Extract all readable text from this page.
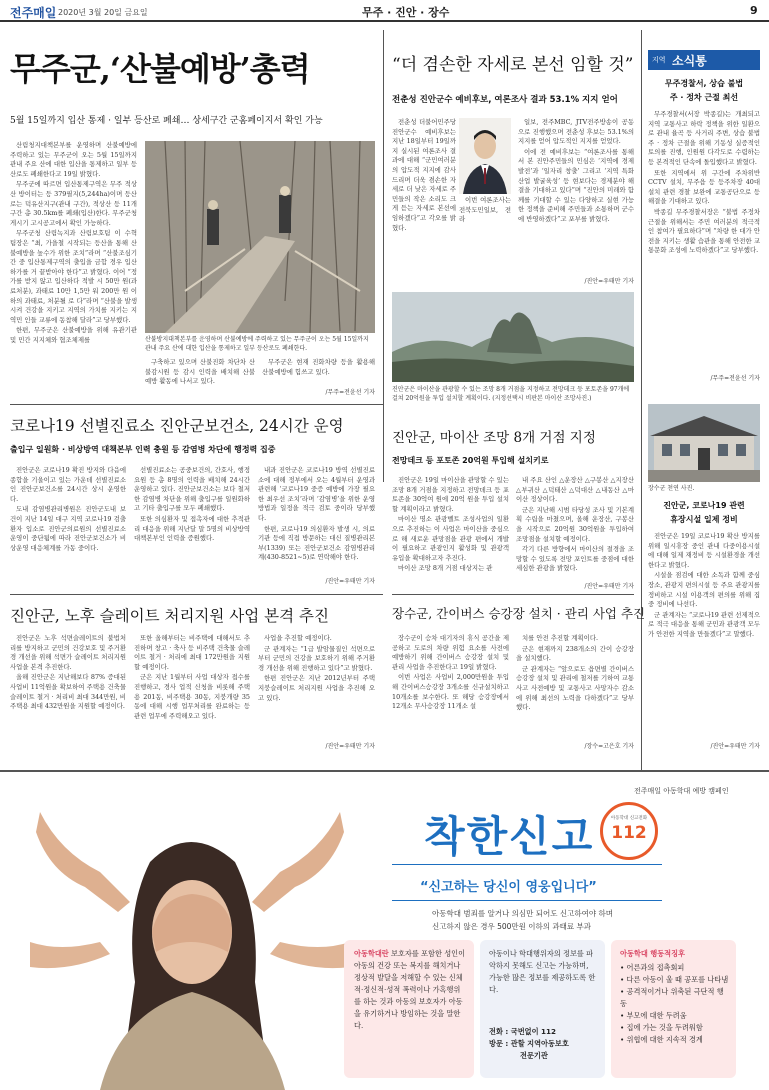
전주매일 2020년 3월 20일 금요일	무주 · 진안 · 장수	9
무주군,‘산불예방’총력
5월 15일까지 입산 통제 · 일부 등산로 폐쇄… 상세구간 군홈페이지서 확인 가능

산림청지대책본부를 운영하며 산불예방에 주력하고 있는 무주군이 오는 5월 15일까지 관내 주요 산에 대한 입산을 통제하고 일부 등산로도 폐쇄한다고 19일 밝혔다.

무주군에 따르면 입산통제구역은 무주 적상산 방이터는 등 379필지(5,244ha)이며 등산로는 덕유산지구(관내 구간), 적상산 등 11개 구간 총 30.5km를 폐쇄(입산)한다. 무주군청 게시기 고시공고에서 확인 가능하다.

무주군청 산림녹지과 산림보호팀 이 수혁 팀장은 “최, 가을철 시작되는 등산을 통해 산불예방을 높수가 위한 조치”라며 “산불조심기간 중 입산통제구역의 출입을 금합 경우 입산하가를 거 끝받아야 한다”고 밝혔다. 이어 “정 가를 받지 않고 입산하다 적발 시 50만 원(과료처분), 과태료 10만 1,5만 워 200만 원 이하의 과태료, 처분될 로 다”라며 “산불을 발생시켜 건강을 지키고 지역의 가치를 지키는 지역민 인들 교류에 동참해 달라”고 당부했다.

한편, 무주군은 산불예방을 위해 유관기관 및 민간 지지체와 협조체제를	산불방지대책본부를 운영하며 산불예방에 주력하고 있는 무주군이 오는 5월 15일까지 관내 주요 산에 대한 입산을 통제하고 일부 등산로도 폐쇄한다.

구축하고 있으며 산불진화 차단차 산불감시원 등 감시 인력을 배치해 산불 예방 활동에 나서고 있다.

무주군은 현재 진화차량 등을 활용해 산불예방에 힘쓰고 있다.

/무주=전윤선 기자
“더 겸손한 자세로 본선 임할 것”
전춘성 진안군수 예비후보, 여론조사 결과 53.1% 지지 얻어

전춘성 더불어민주당 진안군수 예비후보는 지난 18일부터 19일까지 실시된 여론조사 결과에 대해 “군민여러분의 압도적 지지에 감사드리며 더욱 겸손한 자세로 더 낮은 자세로 주민들의 작은 소리도 크게 듣는 자세로 본선에 임하겠다”고 각오를 밝혔다.

이번 여론조사는 전북도민일보, 전라

일보, 전주MBC, JTV전주방송이 공동으로 진행했으며 전춘성 후보는 53.1%의 지지를 얻어 압도적인 지지를 얻었다.

이에 전 예비후보는 “여론조사를 통해서 본 진안주민들의 민심은 ‘지역에 경제발전’과 ‘일자리 창출’ 그리고 ‘지역 특화산업 발굴육성’ 등 현보다는 경제분야 해결을 기대하고 있다”며 “진안의 미래와 함께를 기대할 수 있는 다양하고 실현 가능한 정책을 준비해 주민들과 소통하며 군수에 반영하겠다”고 포부를 밝혔다.

/진안=우태만 기자
진안군은 마이산을 관광할 수 있는 조망 8개 거점을 지정하고 전망데크 등 포토존을 97개에 걸쳐 20억원을 투입 설치할 계획이다. (지정선택시 비판본 마이산 조망사진.)
진안군, 마이산 조망 8개 거점 지정
전망데크 등 포토존 20억원 투입해 설치키로

진안군은 19일 마이산을 관망할 수 있는 조망 8개 거점을 지정하고 전망데크 등 포토존을 30억여 원에 20억 원을 투입 설치할 계획이라고 밝혔다.

마이산 명소 관광벨트 조성사업의 일환으로 추진하는 이 사업은 마이산을 중심으로 해 새로운 관망점을 관광 편에서 개발이 필요하고 관광인지 활성화 및 관광객 유입을 확대하고자 추진다.

마이산 조망 8개 거점 대상지는 관

내 주요 산인 △운장산 △구봉산 △지장산 △부귀산 △덕태산 △덕대산 △내동산 △마이산 정상이다.

군은 지난해 시범 타당성 조사 및 기본계획 수립을 마쳤으며, 올해 운장산, 구봉산을 시작으로 20억원 30억원을 투입하여 조망점을 설치할 예정이다.

각기 다른 방향에서 마이산의 절경을 조망할 수 있도록 전망 포인트를 중점에 대한 세심한 관광을 밝혔다.

/진안=우태만 기자
코로나19 선별진료소 진안군보건소, 24시간 운영
출입구 일원화 · 비상방역 대책본부 인력 충원 등 감염병 차단에 행정력 집중

진안군은 코로나19 확진 방지와 다음에 종합을 기울이고 있는 가운데 선별진료소인 진안군보건소를 24시간 상시 운영한다.

도내 감염병관리병원은 진안군도내 보건이 지난 14일 대구 지역 코로나19 검출 환자 입소로 진안군의료원의 선별진료소 운영이 중단됨에 따라 진안군보건소가 비상운영 대응체계를 가동 중이다.

선별진료소는 공중보건의, 간호사, 행정요원 등 총 8명의 인력을 배치해 24시간 운영하고 있다. 진안군보건소는 보다 철저한 감염병 차단을 위해 출입구를 일원화하고 기타 출입구를 모두 폐쇄했다.

또한 의심환자 및 접촉자에 대한 추적관리 대응을 위해 지난달 말 5명의 비상방역 대책본부인 인력을 증원했다.

내과 진안군은 코로나19 방역 선별진료소에 대해 정부에서 오는 4월부터 운영과 관련해 ‘코로나19 중증 예방에 가장 필요한 최우선 조치’라며 ‘감염병’을 위한 운영 방법과 일정을 적극 검토 중이라 당부했다.

한편, 코로나19 의심환자 발생 시, 의료기관 등에 직접 방문하는 대신 질병관리본부(1339) 또는 진안군보건소 감염병관리계(430-8521~5)로 연락해야 한다.

/진안=우태만 기자
진안군, 노후 슬레이트 처리지원 사업 본격 추진

진안군은 노후 석면슬레이트의 불법처리를 방지하고 군민의 건강보호 및 주거환경 개선을 위해 석면가 슬레이트 처리지원 사업을 본격 추진한다.

올해 진안군은 지난해보다 87% 증대된 사업비 11억원을 확보하여 주택용 건축물 슬레이트 철거 · 처리비 최대 344만원, 비주택용 최대 432만원을 지원할 예정이다.

또한 올해부터는 비주택에 대해서도 추진하며 창고 · 축사 등 비주택 건축물 슬레이트 철거 · 처리에 최대 172만원을 지원할 예정이다.

군은 지난 1월부터 사업 대상자 접수를 진행하고, 경사 업적 신청을 비롯해 주택용 201동, 비주택용 30동, 지붕개량 35동에 대해 시행 업무처리를 완료하는 등 관련 업무에 주력해오고 있다.

사업을 추진할 예정이다.

군 관계자는 “1급 발암물질인 석면으로부터 군민의 건강을 보호하기 위해 주거환경 개선을 위해 진행하고 있다”고 밝혔다.

한편 진안군은 지난 2012년부터 주택 지붕슬레이트 처리지원 사업을 추진해 오고 있다.

/진안=우태만 기자
장수군, 간이버스 승강장 설치 · 관리 사업 추진

장수군이 승차 대기자의 휴식 공간을 제공하고 도로의 차량 위험 요소를 사전에 예방하기 위해 간이버스 승강장 설치 및 관리 사업을 추진한다고 19일 밝혔다.

이번 사업은 사업비 2,000만원을 투입해 간이버스승강장 3개소를 신규설치하고 10개소를 보수한다. 또 해당 승강장에서 12개소 무사승강장 11개소 설

치를 안전 추진할 계획이다.

군은 현재까지 238개소의 간이 승강장을 설치했다.

군 관계자는 “앞으로도 읍면별 간이버스 승강장 설치 및 관리에 철저를 기하여 교통사고 사전예방 및 교통사고 사망자수 감소에 위해 최선의 노력을 다하겠다”고 당부했다.

/장수=고은호 기자
지역 소식통
무주경찰서, 상습 불법
주 · 정차 근절 최선

무주경찰서(서장 박종길)는 개최되고 지역 교통사고 하락 정책을 위한 일환으로 관내 율곡 등 사거리 주변, 상습 불법 주 · 정차 근절을 위해 기동성 실증적인 토의를 진행, 인원원 다각도로 수렴하는 등 본격적인 단속에 돌입했다고 밝혔다.

또한 지역에서 위 구간에 주차위반 CCTV 설치, 무주읍 등 등주차장 40대 설치 관련 경찰 보완에 교통공단으로 등 해결을 기대하고 있다.

박종길 무주경찰서장은 “불법 주정차 근절을 위해서는 주민 여러분의 적극적인 참여가 필요하다”며 “차량 한 대가 안전을 지키는 생활 습관을 통해 안전한 교통문화 조성에 노력하겠다”고 당부했다.

/무주=전윤선 기자
장수군 천연 사진.
진안군, 코로나19 관련
휴장시설 일제 정비

진안군은 19일 코로나19 확산 방지를 위해 일시휴장 중인 관내 다중이용시설에 대해 일제 재정비 등 시설환경을 개선한다고 밝혔다.

시설을 점검에 대한 소독과 함께 중심 장소, 관광지 편의시설 등 주요 관광지를 정비하고 시설 이용객의 편의를 위해 집중 정비에 나선다.

군 관계자는 “코로나19 관련 선제적으로 적극 대응을 통해 군민과 관광객 모두가 안전한 지역을 만들겠다”고 말했다.

/진안=우태만 기자
전주매일 아동학대 예방 캠페인
착한신고	아동학대 신고전화
112
“신고하는 당신이 영웅입니다”
아동학대 범죄를 알거나 의심만 되어도 신고하여야 하며
신고하지 않은 경우 500만원 이하의 과태료 부과
아동학대란 보호자를 포함한 성인이 아동의 건강 또는 복지를 해치거나 정상적 발달을 저해할 수 있는 신체적·정신적·성적 폭력이나 가혹행위를 하는 것과 아동의 보호자가 아동을 유기하거나 방임하는 것을 말한다.
아동이나 학대행위자의 정보를 파악하지 못해도 신고는 가능하며, 가능한 많은 정보를 제공하도록 한다.
전화 : 국번없이 112
방문 : 관할 지역아동보호
전문기관
아동학대 행동적징후
• 어른과의 접촉회피
• 다른 아동이 울 때 공포를 나타냄
• 공격적이거나 위축된 극단적 행동
• 부모에 대한 두려움
• 집에 가는 것을 두려워함
• 위협에 대한 지속적 경계
